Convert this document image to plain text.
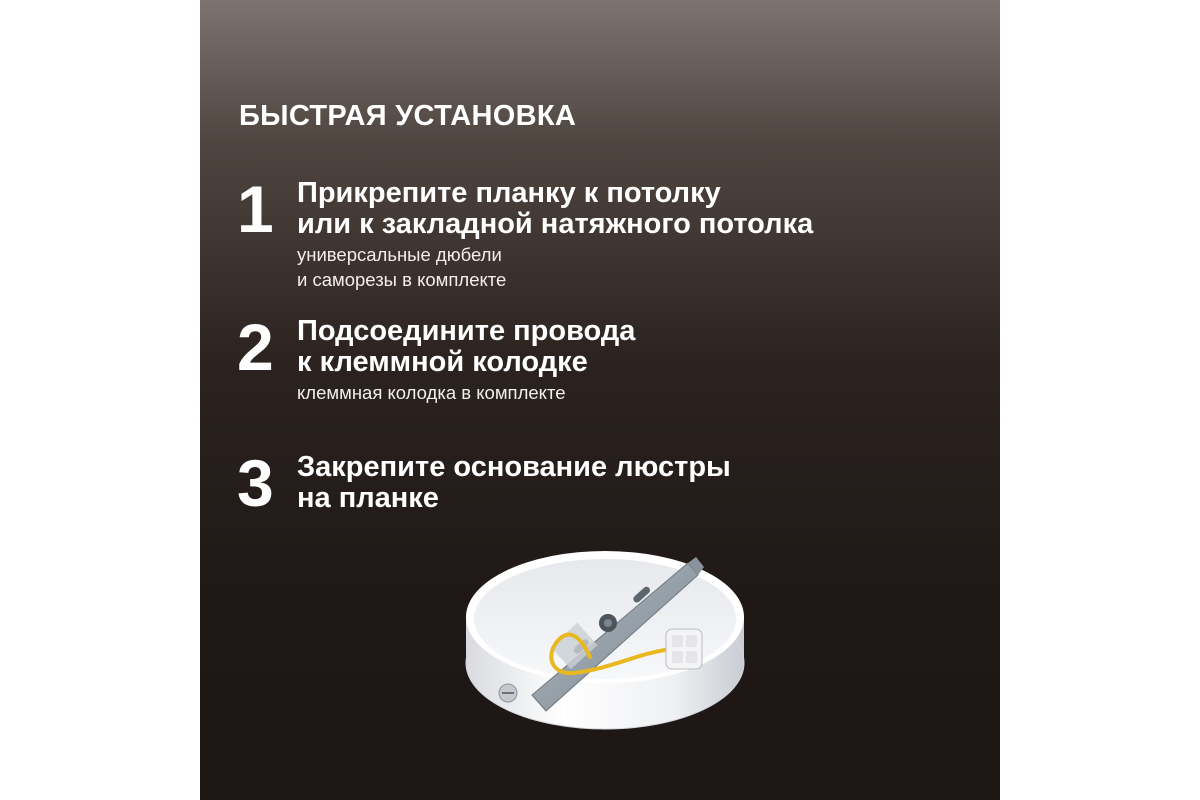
БЫСТРАЯ УСТАНОВКА
1 Прикрепите планку к потолку
или к закладной натяжного потолка
универсальные дюбели
и саморезы в комплекте
2 Подсоедините провода
к клеммной колодке
клеммная колодка в комплекте
3 Закрепите основание люстры
на планке
